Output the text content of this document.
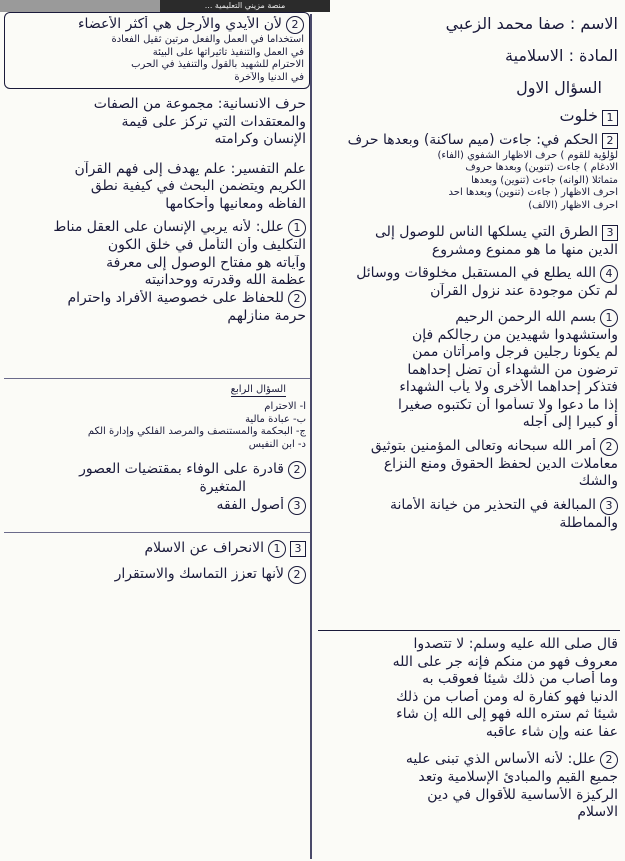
منصة مزيني التعليمية ...
الاسم : صفا محمد الزعبي
المادة : الاسلامية
السؤال الاول
1خلوت
2الحكم في: جاءت (ميم ساكنة) وبعدها حرف
لؤلؤية للقوم ) حرف الاظهار الشفوي (الفاء)
الادغام ) جاءت (تنوين) وبعدها حروف
متماثلا (ألوانه) جاءت (تنوين) وبعدها
احرف الاظهار ( جاءت (تنوين) وبعدها احد
احرف الاظهار (الألف)
3الطرق التي يسلكها الناس للوصول إلى
الدين منها ما هو ممنوع ومشروع
4الله يطلع في المستقبل مخلوقات ووسائل
لم تكن موجودة عند نزول القرآن
1بسم الله الرحمن الرحيم
واستشهدوا شهيدين من رجالكم فإن
لم يكونا رجلين فرجل وامرأتان ممن
ترضون من الشهداء أن تضل إحداهما
فتذكر إحداهما الأخرى ولا يأب الشهداء
إذا ما دعوا ولا تسأموا أن تكتبوه صغيرا
أو كبيرا إلى أجله
2أمر الله سبحانه وتعالى المؤمنين بتوثيق
معاملات الدين لحفظ الحقوق ومنع النزاع
والشك
3المبالغة في التحذير من خيانة الأمانة
والمماطلة
قال صلى الله عليه وسلم: لا تتصدوا
معروف فهو من منكم فإنه جر على الله
وما أصاب من ذلك شيئا فعوقب به
الدنيا فهو كفارة له ومن أصاب من ذلك
شيئا ثم ستره الله فهو إلى الله إن شاء
عفا عنه وإن شاء عاقبه
2علل: لأنه الأساس الذي تبنى عليه
جميع القيم والمبادئ الإسلامية وتعد
الركيزة الأساسية للأقوال في دين
الاسلام
2لأن الأيدي والأرجل هي أكثر الأعضاء
استخداما في العمل والفعل مرتين ثقيل الفعادة
في العمل والتنفيذ تأثيراتها على البيئة
الاحترام للشهيد بالقول والتنفيذ في الحرب
في الدنيا والآخرة
حرف الانسانية: مجموعة من الصفات
والمعتقدات التي تركز على قيمة
الإنسان وكرامته
علم التفسير: علم يهدف إلى فهم القرآن
الكريم ويتضمن البحث في كيفية نطق
الفاظه ومعانيها وأحكامها
1علل: لأنه يربي الإنسان على العقل مناط
التكليف وأن التأمل في خلق الكون
وآياته هو مفتاح الوصول إلى معرفة
عظمة الله وقدرته ووحدانيته
2للحفاظ على خصوصية الأفراد واحترام
حرمة منازلهم
السؤال الرابع
أ- الاحترام
ب- عبادة مالية
ج- البحكمة والمستنصف والمرصد الفلكي وإدارة الكم
د- ابن النفيس
2قادرة على الوفاء بمقتضيات العصور
المتغيرة
3أصول الفقه
31الانحراف عن الاسلام
2لأنها تعزز التماسك والاستقرار
